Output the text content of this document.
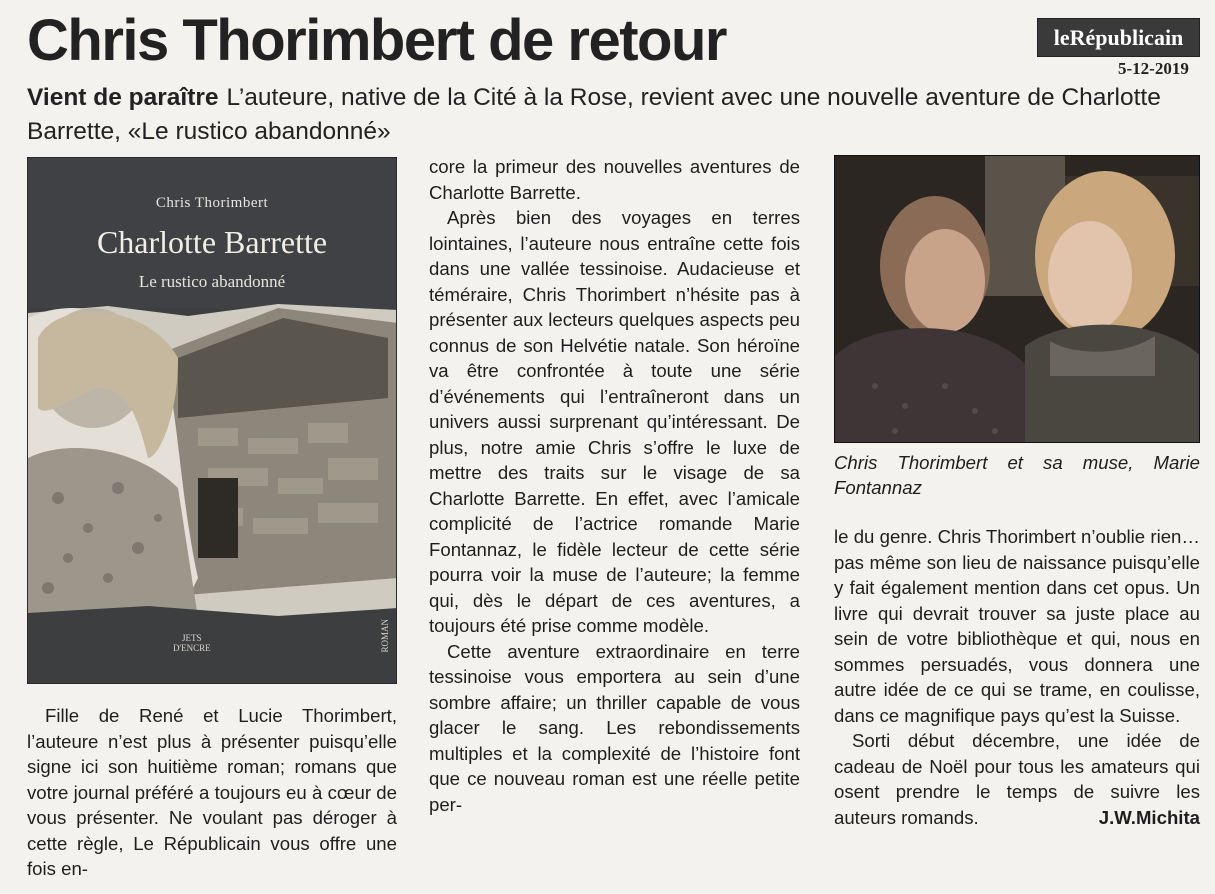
Chris Thorimbert de retour	le Républicain
5-12-2019

Vient de paraître L’auteure, native de la Cité à la Rose, revient avec une nouvelle aventure de Charlotte Barrette, «Le rustico abandonné»

Chris Thorimbert
Charlotte Barrette
Le rustico abandonné
JETS
D'ENCRE	ROMAN

Fille de René et Lucie Thorimbert, l’auteure n’est plus à présenter puisqu’elle signe ici son huitième roman; romans que votre journal préféré a toujours eu à cœur de vous présenter. Ne voulant pas déroger à cette règle, Le Républicain vous offre une fois en-

core la primeur des nouvelles aventures de Charlotte Barrette.

Après bien des voyages en terres lointaines, l’auteure nous entraîne cette fois dans une vallée tessinoise. Audacieuse et téméraire, Chris Thorimbert n’hésite pas à présenter aux lecteurs quelques aspects peu connus de son Helvétie natale. Son héroïne va être confrontée à toute une série d’événements qui l’entraîneront dans un univers aussi surprenant qu’intéressant. De plus, notre amie Chris s’offre le luxe de mettre des traits sur le visage de sa Charlotte Barrette. En effet, avec l’amicale complicité de l’actrice romande Marie Fontannaz, le fidèle lecteur de cette série pourra voir la muse de l’auteure; la femme qui, dès le départ de ces aventures, a toujours été prise comme modèle.

Cette aventure extraordinaire en terre tessinoise vous emportera au sein d’une sombre affaire; un thriller capable de vous glacer le sang. Les rebondissements multiples et la complexité de l’histoire font que ce nouveau roman est une réelle petite per-

Chris Thorimbert et sa muse, Marie Fontannaz

le du genre. Chris Thorimbert n’oublie rien… pas même son lieu de naissance puisqu’elle y fait également mention dans cet opus. Un livre qui devrait trouver sa juste place au sein de votre bibliothèque et qui, nous en sommes persuadés, vous donnera une autre idée de ce qui se trame, en coulisse, dans ce magnifique pays qu’est la Suisse.

Sorti début décembre, une idée de cadeau de Noël pour tous les amateurs qui osent prendre le temps de suivre les auteurs romands.	J.W.Michita
